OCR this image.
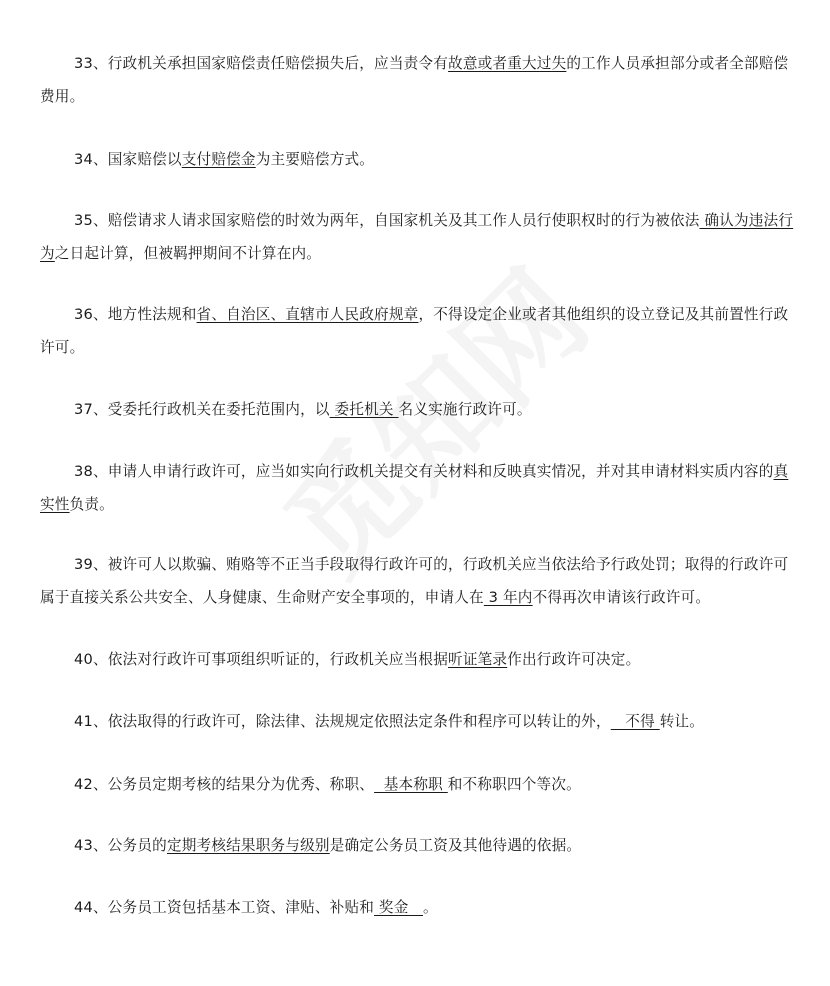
33、行政机关承担国家赔偿责任赔偿损失后，应当责令有故意或者重大过失的工作人员承担部分或者全部赔偿费用。

34、国家赔偿以支付赔偿金为主要赔偿方式。

35、赔偿请求人请求国家赔偿的时效为两年，自国家机关及其工作人员行使职权时的行为被依法 确认为违法行为之日起计算，但被羁押期间不计算在内。

36、地方性法规和省、自治区、直辖市人民政府规章，不得设定企业或者其他组织的设立登记及其前置性行政许可。

37、受委托行政机关在委托范围内，以 委托机关 名义实施行政许可。

38、申请人申请行政许可，应当如实向行政机关提交有关材料和反映真实情况，并对其申请材料实质内容的真实性负责。

39、被许可人以欺骗、贿赂等不正当手段取得行政许可的，行政机关应当依法给予行政处罚；取得的行政许可属于直接关系公共安全、人身健康、生命财产安全事项的，申请人在 3 年内不得再次申请该行政许可。

40、依法对行政许可事项组织听证的，行政机关应当根据听证笔录作出行政许可决定。

41、依法取得的行政许可，除法律、法规规定依照法定条件和程序可以转让的外，   不得 转让。

42、公务员定期考核的结果分为优秀、称职、  基本称职 和不称职四个等次。

43、公务员的定期考核结果职务与级别是确定公务员工资及其他待遇的依据。

44、公务员工资包括基本工资、津贴、补贴和 奖金   。
